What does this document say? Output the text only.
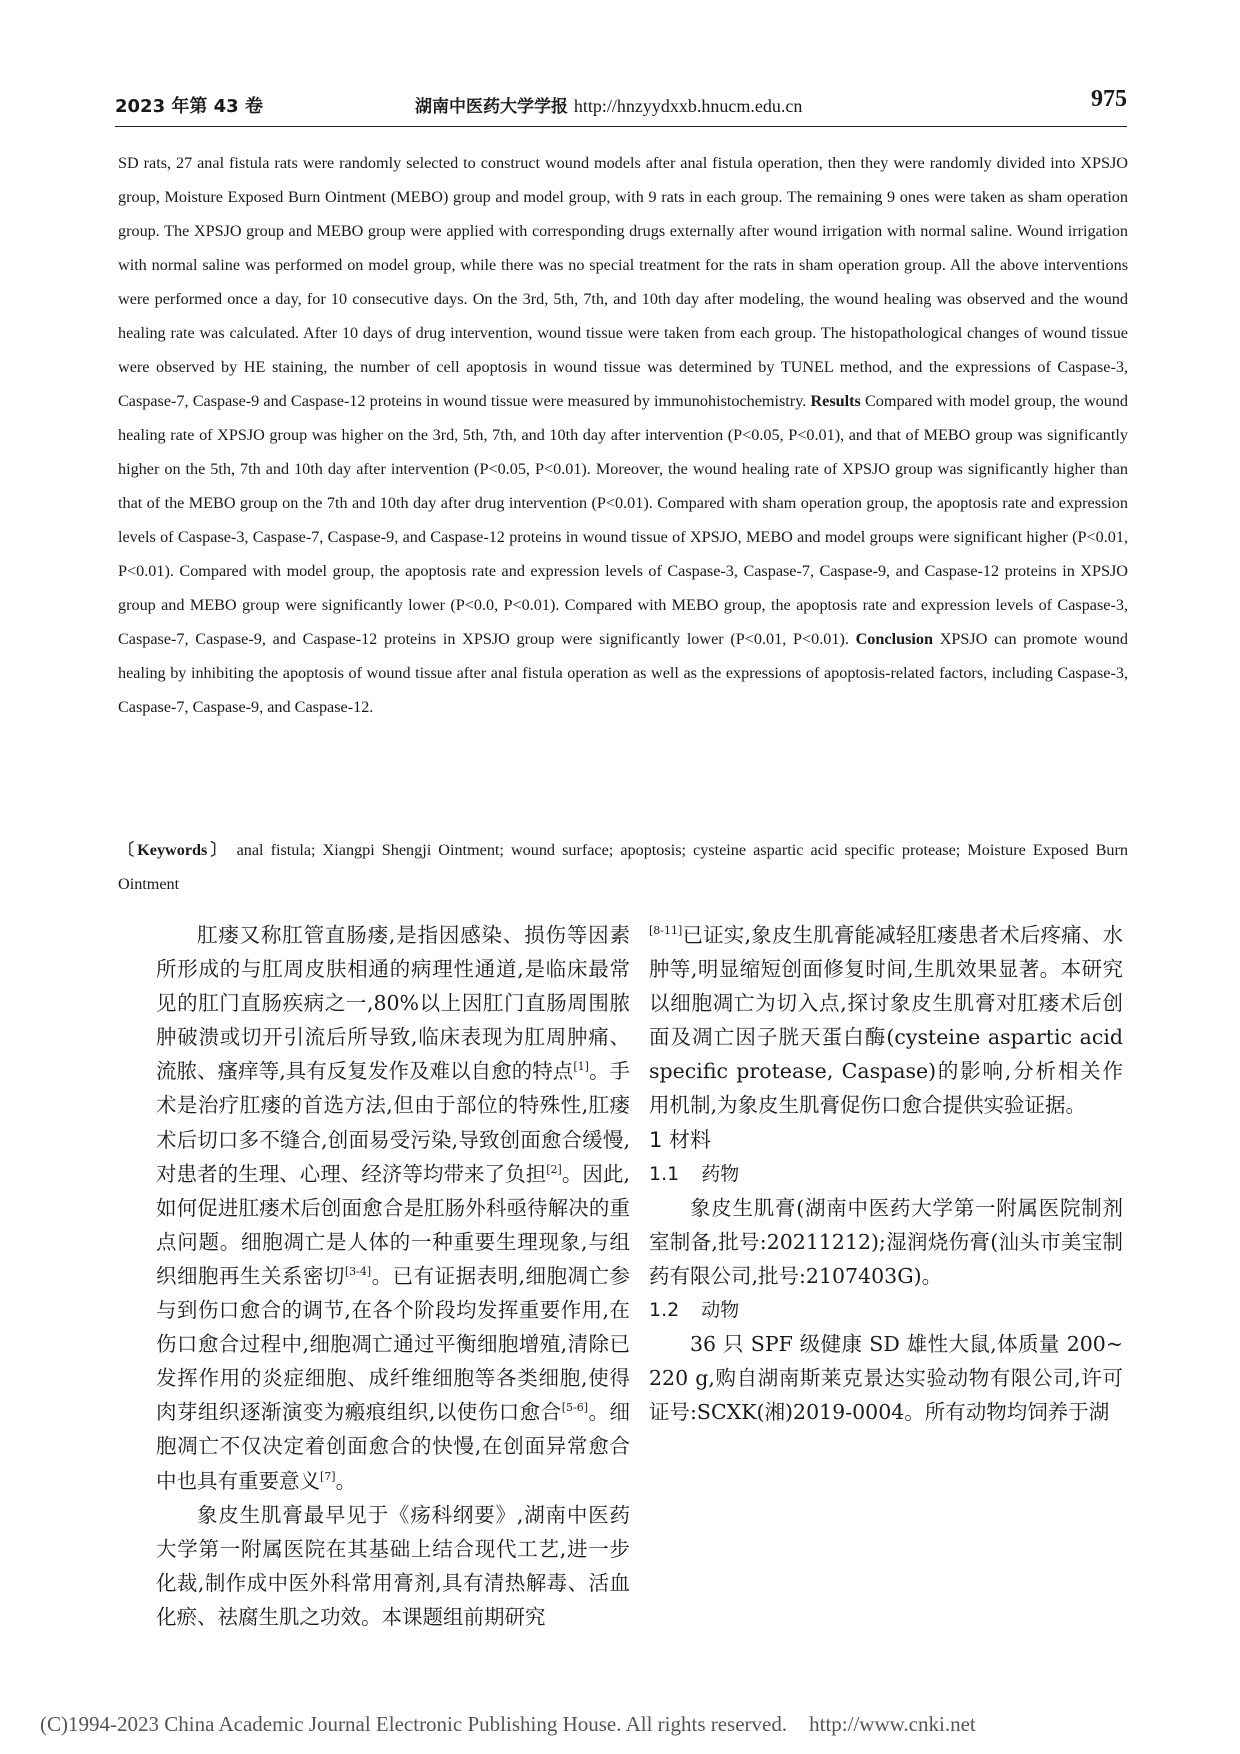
2023 年第 43 卷	湖南中医药大学学报 http://hnzyydxxb.hnucm.edu.cn	975

SD rats, 27 anal fistula rats were randomly selected to construct wound models after anal fistula operation, then they were randomly divided into XPSJO group, Moisture Exposed Burn Ointment (MEBO) group and model group, with 9 rats in each group. The remaining 9 ones were taken as sham operation group. The XPSJO group and MEBO group were applied with corresponding drugs externally after wound irrigation with normal saline. Wound irrigation with normal saline was performed on model group, while there was no special treatment for the rats in sham operation group. All the above interventions were performed once a day, for 10 consecutive days. On the 3rd, 5th, 7th, and 10th day after modeling, the wound healing was observed and the wound healing rate was calculated. After 10 days of drug intervention, wound tissue were taken from each group. The histopathological changes of wound tissue were observed by HE staining, the number of cell apoptosis in wound tissue was determined by TUNEL method, and the expressions of Caspase-3, Caspase-7, Caspase-9 and Caspase-12 proteins in wound tissue were measured by immunohistochemistry. Results Compared with model group, the wound healing rate of XPSJO group was higher on the 3rd, 5th, 7th, and 10th day after intervention (P<0.05, P<0.01), and that of MEBO group was significantly higher on the 5th, 7th and 10th day after intervention (P<0.05, P<0.01). Moreover, the wound healing rate of XPSJO group was significantly higher than that of the MEBO group on the 7th and 10th day after drug intervention (P<0.01). Compared with sham operation group, the apoptosis rate and expression levels of Caspase-3, Caspase-7, Caspase-9, and Caspase-12 proteins in wound tissue of XPSJO, MEBO and model groups were significant higher (P<0.01, P<0.01). Compared with model group, the apoptosis rate and expression levels of Caspase-3, Caspase-7, Caspase-9, and Caspase-12 proteins in XPSJO group and MEBO group were significantly lower (P<0.0, P<0.01). Compared with MEBO group, the apoptosis rate and expression levels of Caspase-3, Caspase-7, Caspase-9, and Caspase-12 proteins in XPSJO group were significantly lower (P<0.01, P<0.01). Conclusion XPSJO can promote wound healing by inhibiting the apoptosis of wound tissue after anal fistula operation as well as the expressions of apoptosis-related factors, including Caspase-3, Caspase-7, Caspase-9, and Caspase-12.

〔Keywords〕 anal fistula; Xiangpi Shengji Ointment; wound surface; apoptosis; cysteine aspartic acid specific protease; Moisture Exposed Burn Ointment

肛瘘又称肛管直肠瘘,是指因感染、损伤等因素所形成的与肛周皮肤相通的病理性通道,是临床最常见的肛门直肠疾病之一,80%以上因肛门直肠周围脓肿破溃或切开引流后所导致,临床表现为肛周肿痛、流脓、瘙痒等,具有反复发作及难以自愈的特点[1]。手术是治疗肛瘘的首选方法,但由于部位的特殊性,肛瘘术后切口多不缝合,创面易受污染,导致创面愈合缓慢,对患者的生理、心理、经济等均带来了负担[2]。因此,如何促进肛瘘术后创面愈合是肛肠外科亟待解决的重点问题。细胞凋亡是人体的一种重要生理现象,与组织细胞再生关系密切[3-4]。已有证据表明,细胞凋亡参与到伤口愈合的调节,在各个阶段均发挥重要作用,在伤口愈合过程中,细胞凋亡通过平衡细胞增殖,清除已发挥作用的炎症细胞、成纤维细胞等各类细胞,使得肉芽组织逐渐演变为瘢痕组织,以使伤口愈合[5-6]。细胞凋亡不仅决定着创面愈合的快慢,在创面异常愈合中也具有重要意义[7]。

象皮生肌膏最早见于《疡科纲要》,湖南中医药大学第一附属医院在其基础上结合现代工艺,进一步化裁,制作成中医外科常用膏剂,具有清热解毒、活血化瘀、祛腐生肌之功效。本课题组前期研究

[8-11]已证实,象皮生肌膏能减轻肛瘘患者术后疼痛、水肿等,明显缩短创面修复时间,生肌效果显著。本研究以细胞凋亡为切入点,探讨象皮生肌膏对肛瘘术后创面及凋亡因子胱天蛋白酶(cysteine aspartic acid specific protease, Caspase)的影响,分析相关作用机制,为象皮生肌膏促伤口愈合提供实验证据。

1 材料

1.1 药物

象皮生肌膏(湖南中医药大学第一附属医院制剂室制备,批号:20211212);湿润烧伤膏(汕头市美宝制药有限公司,批号:2107403G)。

1.2 动物

36 只 SPF 级健康 SD 雄性大鼠,体质量 200~220 g,购自湖南斯莱克景达实验动物有限公司,许可证号:SCXK(湘)2019-0004。所有动物均饲养于湖

(C)1994-2023 China Academic Journal Electronic Publishing House. All rights reserved. http://www.cnki.net
